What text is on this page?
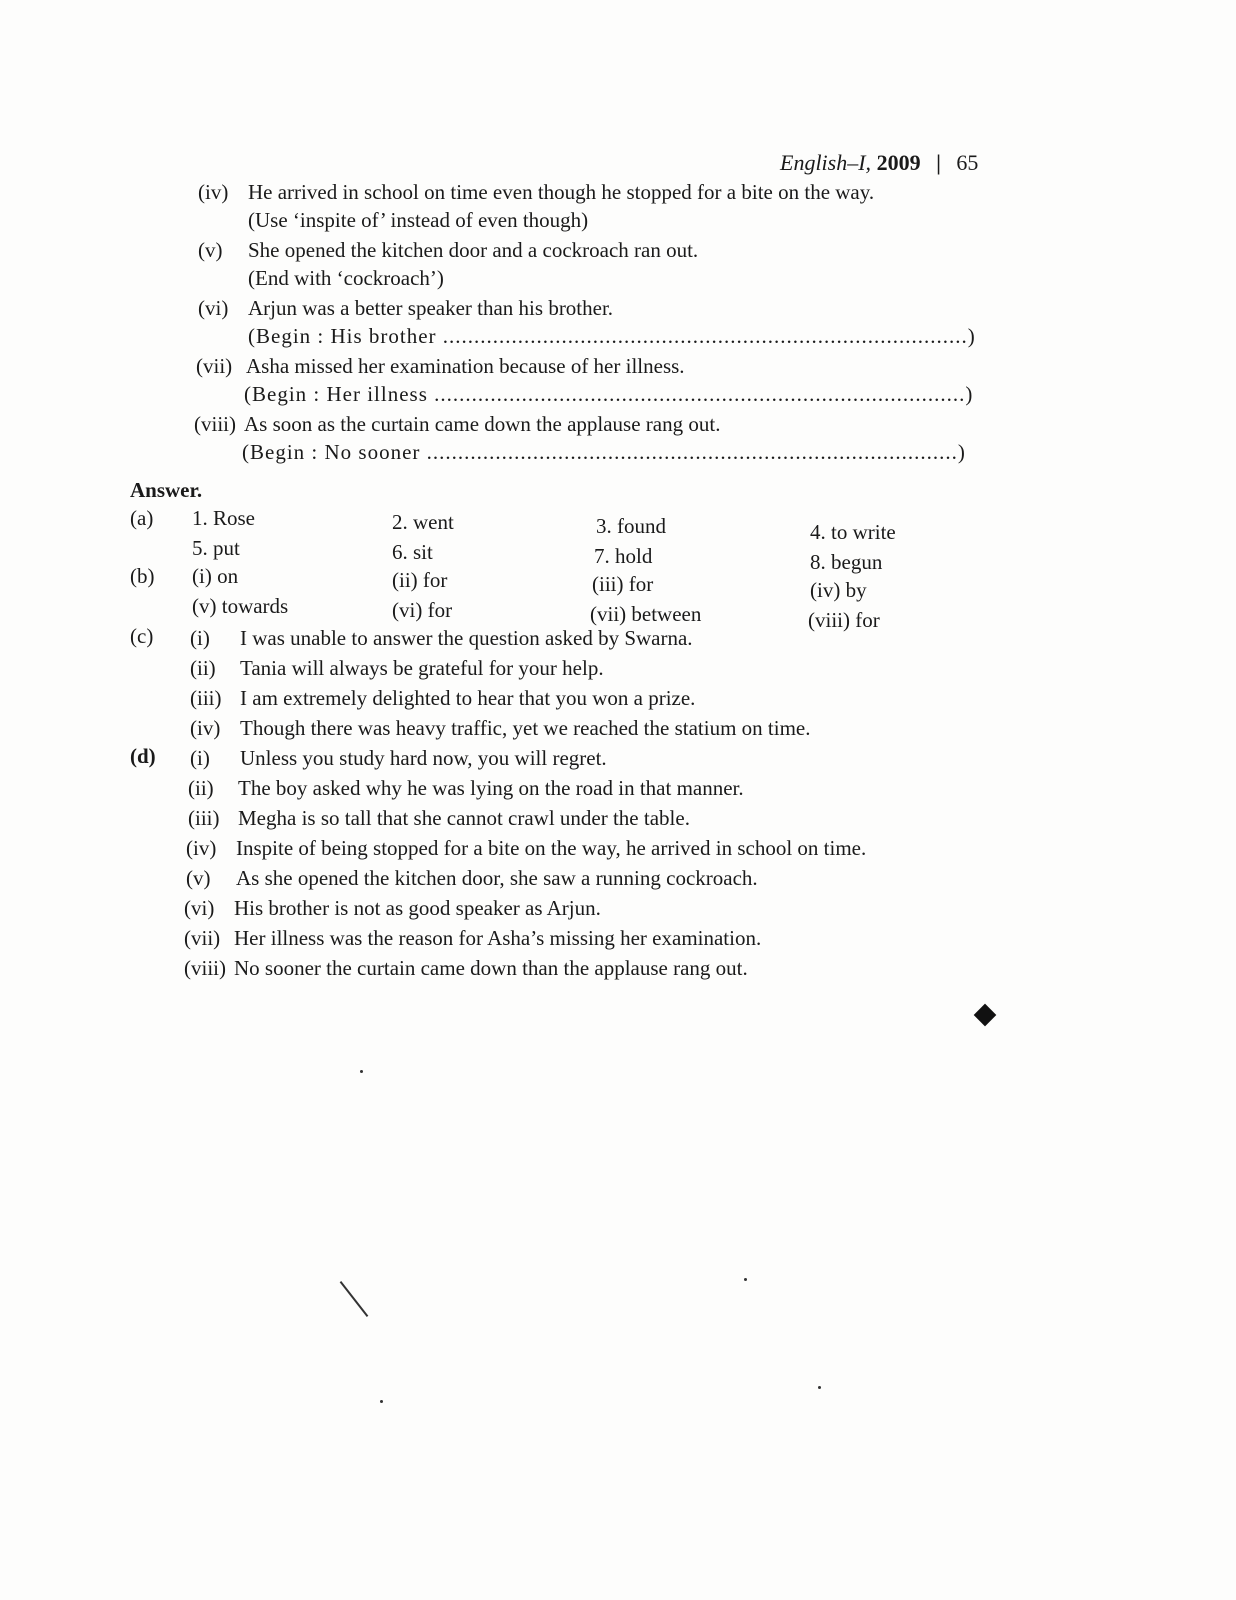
English–I, 2009 | 65
(iv) He arrived in school on time even though he stopped for a bite on the way.
(Use ‘inspite of’ instead of even though)
(v) She opened the kitchen door and a cockroach ran out.
(End with ‘cockroach’)
(vi) Arjun was a better speaker than his brother.
(Begin : His brother ....................................................................................)
(vii) Asha missed her examination because of her illness.
(Begin : Her illness .....................................................................................)
(viii) As soon as the curtain came down the applause rang out.
(Begin : No sooner .....................................................................................)
Answer.
(a) 1. Rose	2. went	3. found	4. to write
5. put	6. sit	7. hold	8. begun
(b) (i) on	(ii) for	(iii) for	(iv) by
(v) towards	(vi) for	(vii) between	(viii) for
(c) (i) I was unable to answer the question asked by Swarna.
(ii) Tania will always be grateful for your help.
(iii) I am extremely delighted to hear that you won a prize.
(iv) Though there was heavy traffic, yet we reached the statium on time.
(d) (i) Unless you study hard now, you will regret.
(ii) The boy asked why he was lying on the road in that manner.
(iii) Megha is so tall that she cannot crawl under the table.
(iv) Inspite of being stopped for a bite on the way, he arrived in school on time.
(v) As she opened the kitchen door, she saw a running cockroach.
(vi) His brother is not as good speaker as Arjun.
(vii) Her illness was the reason for Asha’s missing her examination.
(viii) No sooner the curtain came down than the applause rang out.
